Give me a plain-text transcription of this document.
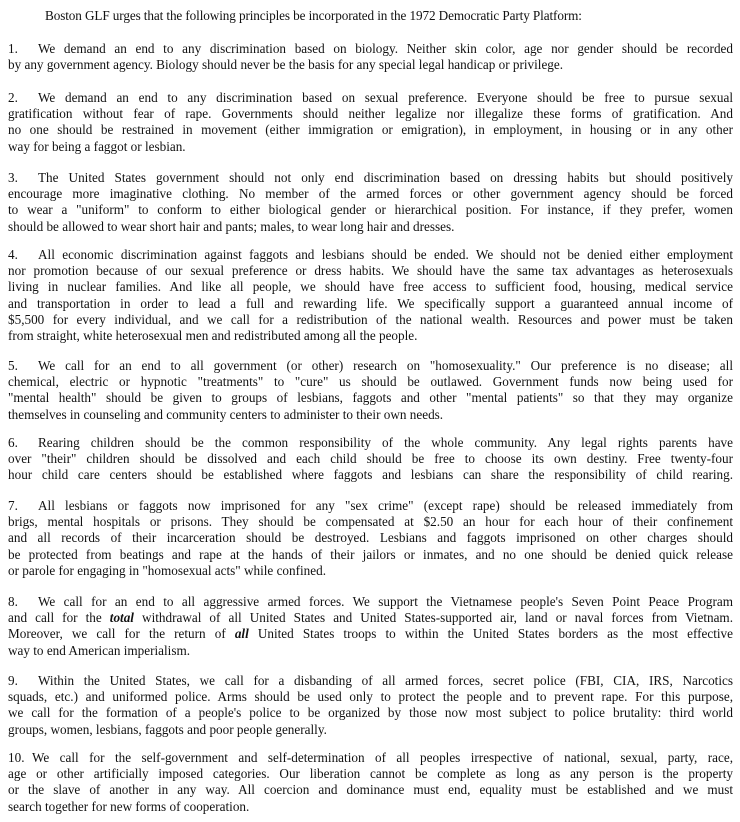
Boston GLF urges that the following principles be incorporated in the 1972 Democratic Party Platform:
1.	We demand an end to any discrimination based on biology. Neither skin color, age nor gender should be recorded
by any government agency. Biology should never be the basis for any special legal handicap or privilege.
2.	We demand an end to any discrimination based on sexual preference. Everyone should be free to pursue sexual
gratification without fear of rape. Governments should neither legalize nor illegalize these forms of gratification. And
no one should be restrained in movement (either immigration or emigration), in employment, in housing or in any other
way for being a faggot or lesbian.
3.	The United States government should not only end discrimination based on dressing habits but should positively
encourage more imaginative clothing. No member of the armed forces or other government agency should be forced
to wear a "uniform" to conform to either biological gender or hierarchical position. For instance, if they prefer, women
should be allowed to wear short hair and pants; males, to wear long hair and dresses.
4.	All economic discrimination against faggots and lesbians should be ended. We should not be denied either employment
nor promotion because of our sexual preference or dress habits. We should have the same tax advantages as heterosexuals
living in nuclear families. And like all people, we should have free access to sufficient food, housing, medical service
and transportation in order to lead a full and rewarding life. We specifically support a guaranteed annual income of
$5,500 for every individual, and we call for a redistribution of the national wealth. Resources and power must be taken
from straight, white heterosexual men and redistributed among all the people.
5.	We call for an end to all government (or other) research on "homosexuality." Our preference is no disease; all
chemical, electric or hypnotic "treatments" to "cure" us should be outlawed. Government funds now being used for
"mental health" should be given to groups of lesbians, faggots and other "mental patients" so that they may organize
themselves in counseling and community centers to administer to their own needs.
6.	Rearing children should be the common responsibility of the whole community. Any legal rights parents have
over "their" children should be dissolved and each child should be free to choose its own destiny. Free twenty-four
hour child care centers should be established where faggots and lesbians can share the responsibility of child rearing.
7.	All lesbians or faggots now imprisoned for any "sex crime" (except rape) should be released immediately from
brigs, mental hospitals or prisons. They should be compensated at $2.50 an hour for each hour of their confinement
and all records of their incarceration should be destroyed. Lesbians and faggots imprisoned on other charges should
be protected from beatings and rape at the hands of their jailors or inmates, and no one should be denied quick release
or parole for engaging in "homosexual acts" while confined.
8.	We call for an end to all aggressive armed forces. We support the Vietnamese people's Seven Point Peace Program
and call for the total withdrawal of all United States and United States-supported air, land or naval forces from Vietnam.
Moreover, we call for the return of all United States troops to within the United States borders as the most effective
way to end American imperialism.
9.	Within the United States, we call for a disbanding of all armed forces, secret police (FBI, CIA, IRS, Narcotics
squads, etc.) and uniformed police. Arms should be used only to protect the people and to prevent rape. For this purpose,
we call for the formation of a people's police to be organized by those now most subject to police brutality: third world
groups, women, lesbians, faggots and poor people generally.
10. We call for the self-government and self-determination of all peoples irrespective of national, sexual, party, race,
age or other artificially imposed categories. Our liberation cannot be complete as long as any person is the property
or the slave of another in any way. All coercion and dominance must end, equality must be established and we must
search together for new forms of cooperation.
